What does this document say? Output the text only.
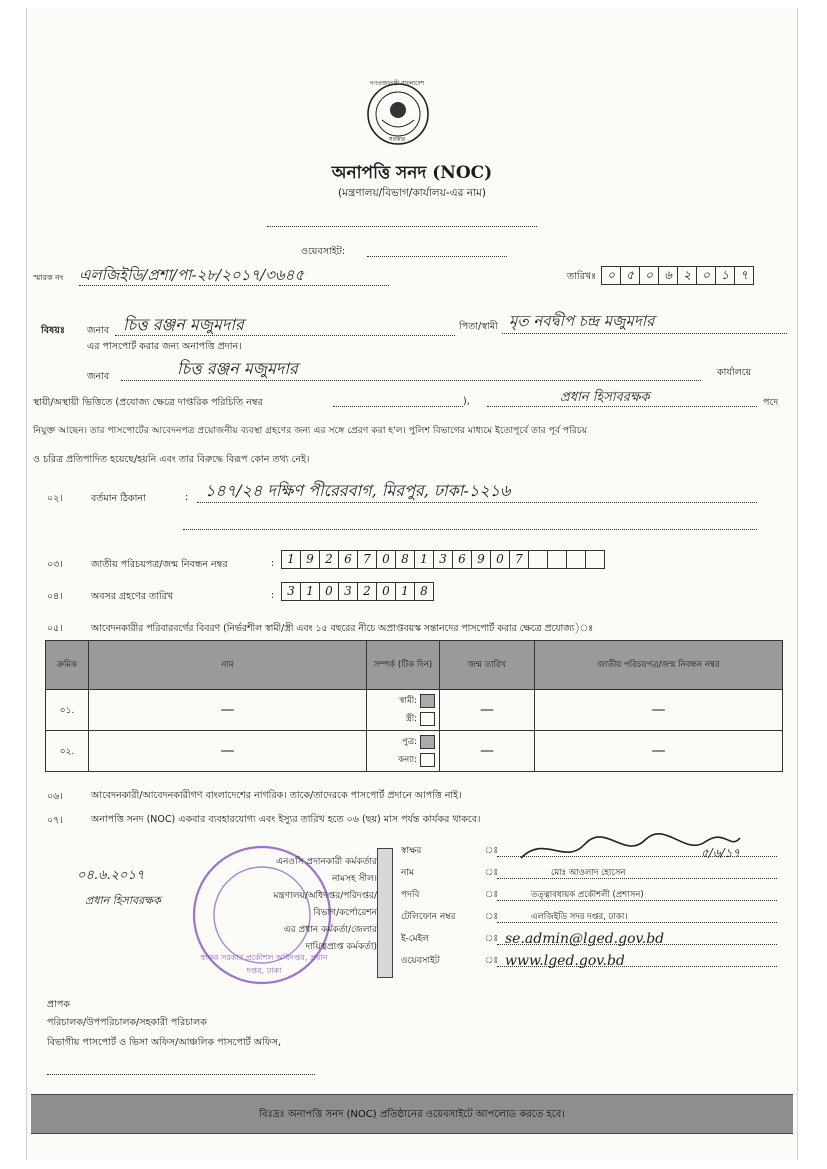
গণপ্রজাতন্ত্রী বাংলাদেশ
সরকার
অনাপত্তি সনদ (NOC)
(মন্ত্রণালয়/বিভাগ/কার্যালয়-এর নাম)
ওয়েবসাইট:
স্মারক নং এলজিইডি/প্রশা/পা-২৮/২০১৭/৩৬৪৫	তারিখঃ ০ ৫ ০ ৬ ২ ০ ১ ৭
বিষয়ঃ জনাব চিত্ত রঞ্জন মজুমদার	পিতা/স্বামী মৃত নবদ্বীপ চন্দ্র মজুমদার
এর পাসপোর্ট করার জন্য অনাপত্তি প্রদান।
জনাব	চিত্ত রঞ্জন মজুমদার	কার্যালয়ে
স্থায়ী/অস্থায়ী ভিত্তিতে (প্রযোজ্য ক্ষেত্রে দাপ্তরিক পরিচিতি নম্বর	),	প্রধান হিসাবরক্ষক	পদে
নিযুক্ত আছেন। তার পাসপোর্টের আবেদনপত্র প্রয়োজনীয় ব্যবস্থা গ্রহণের জন্য এর সঙ্গে প্রেরণ করা হ'ল। পুলিশ বিভাগের মাধ্যমে ইতোপূর্বে তার পূর্ব পরিচয়
ও চরিত্র প্রতিপাদিত হয়েছে/হয়নি এবং তার বিরুদ্ধে বিরূপ কোন তথ্য নেই।
০২।	বর্তমান ঠিকানা	: ১৪৭/২৪ দক্ষিণ পীরেরবাগ, মিরপুর, ঢাকা-১২১৬
০৩।	জাতীয় পরিচয়পত্র/জন্ম নিবন্ধন নম্বর	:	1 9 2 6 7 0 8 1 3 6 9 0 7
০৪।	অবসর গ্রহণের তারিখ	:	3 1 0 3 2 0 1 8
০৫।	আবেদনকারীর পরিবারবর্গের বিবরণ (নির্ভরশীল স্বামী/স্ত্রী এবং ১৫ বছরের নীচে অপ্রাপ্তবয়স্ক সন্তানদের পাসপোর্ট করার ক্ষেত্রে প্রযোজ্য)ঃ
ক্রমিক	নাম	সম্পর্ক (টিক দিন)	জন্ম তারিখ	জাতীয় পরিচয়পত্র/জন্ম নিবন্ধন নম্বর
০১.	—	স্বামী:
স্ত্রী:	—	—
০২.	—	পুত্র:
কন্যা:	—	—
০৬।	আবেদনকারী/আবেদনকারীগণ বাংলাদেশের নাগরিক। তাকে/তাদেরকে পাসপোর্ট প্রদানে আপত্তি নাই।
০৭।	অনাপত্তি সনদ (NOC) একবার ব্যবহারযোগ্য এবং ইস্যুর তারিখ হতে ০৬ (ছয়) মাস পর্যন্ত কার্যকর থাকবে।
০৪.৬.২০১৭
প্রধান হিসাবরক্ষক
স্বাক্ষর সরকার প্রকৌশল অধিদপ্তর, প্রধান দপ্তর, ঢাকা
এনওসি প্রদানকারী কর্মকর্তার
নামসহ সীল।
মন্ত্রণালয়/অধিদপ্তর/পরিদপ্তর/
বিভাগ/কর্পোরেশন
এর প্রধান কর্মকর্তা/জেলার
দায়িত্বপ্রাপ্ত কর্মকর্তা)
স্বাক্ষর	ঃ	৫/৬/১৭
নাম	ঃ	মোঃ আওলাদ হোসেন
পদবি	ঃ	তত্ত্বাবধায়ক প্রকৌশলী (প্রশাসন)
টেলিফোন নম্বর	ঃ	এলজিইডি সদর দপ্তর, ঢাকা।
ই-মেইল	ঃ se.admin@lged.gov.bd
ওয়েবসাইট	ঃ www.lged.gov.bd
প্রাপক
পরিচালক/উপপরিচালক/সহকারী পরিচালক
বিভাগীয় পাসপোর্ট ও ভিসা অফিস/আঞ্চলিক পাসপোর্ট অফিস,
বিঃদ্রঃ অনাপত্তি সনদ (NOC) প্রতিষ্ঠানের ওয়েবসাইটে আপলোড করতে হবে।
